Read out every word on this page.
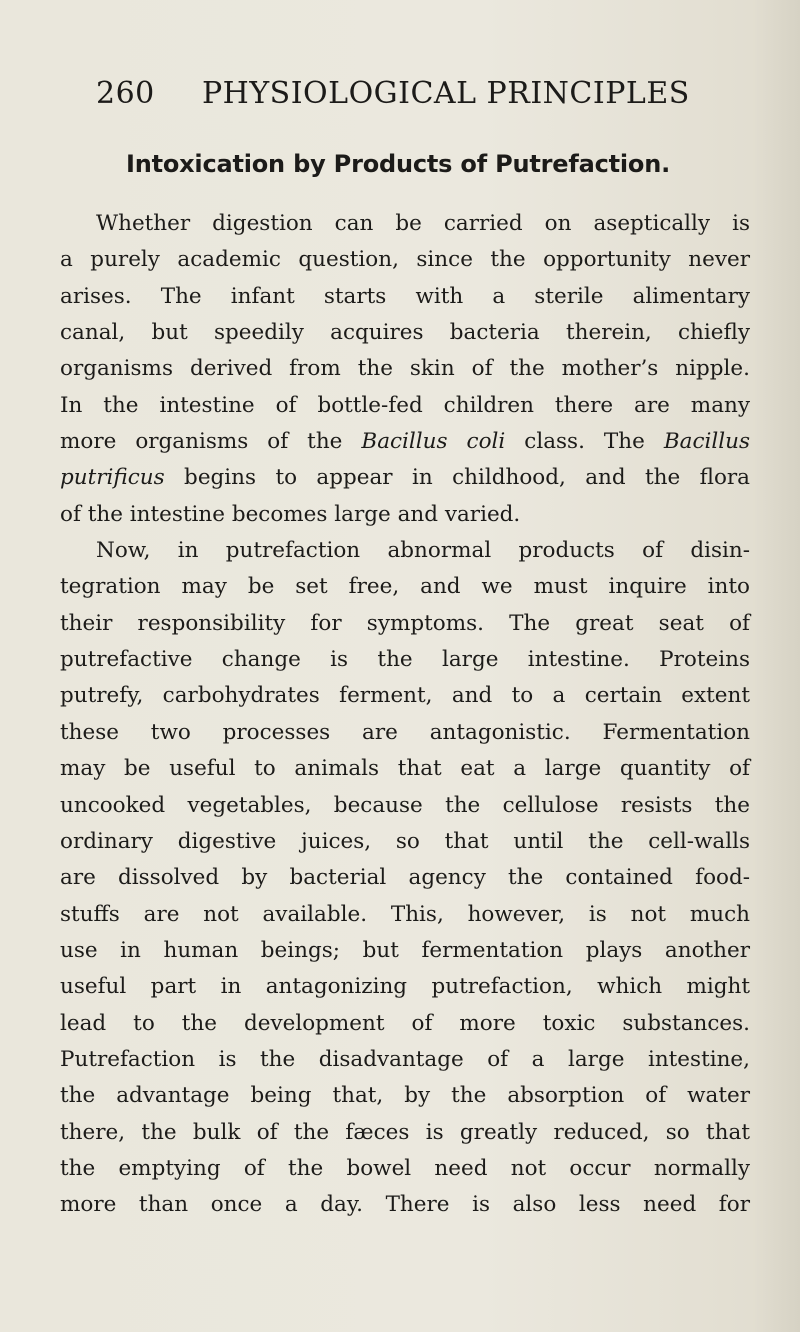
260 PHYSIOLOGICAL PRINCIPLES
Intoxication by Products of Putrefaction.
Whether digestion can be carried on aseptically is
a purely academic question, since the opportunity never
arises. The infant starts with a sterile alimentary
canal, but speedily acquires bacteria therein, chiefly
organisms derived from the skin of the mother’s nipple.
In the intestine of bottle-fed children there are many
more organisms of the Bacillus coli class. The Bacillus
putrificus begins to appear in childhood, and the flora
of the intestine becomes large and varied.
Now, in putrefaction abnormal products of disin-
tegration may be set free, and we must inquire into
their responsibility for symptoms. The great seat of
putrefactive change is the large intestine. Proteins
putrefy, carbohydrates ferment, and to a certain extent
these two processes are antagonistic. Fermentation
may be useful to animals that eat a large quantity of
uncooked vegetables, because the cellulose resists the
ordinary digestive juices, so that until the cell-walls
are dissolved by bacterial agency the contained food-
stuffs are not available. This, however, is not much
use in human beings; but fermentation plays another
useful part in antagonizing putrefaction, which might
lead to the development of more toxic substances.
Putrefaction is the disadvantage of a large intestine,
the advantage being that, by the absorption of water
there, the bulk of the fæces is greatly reduced, so that
the emptying of the bowel need not occur normally
more than once a day. There is also less need for
